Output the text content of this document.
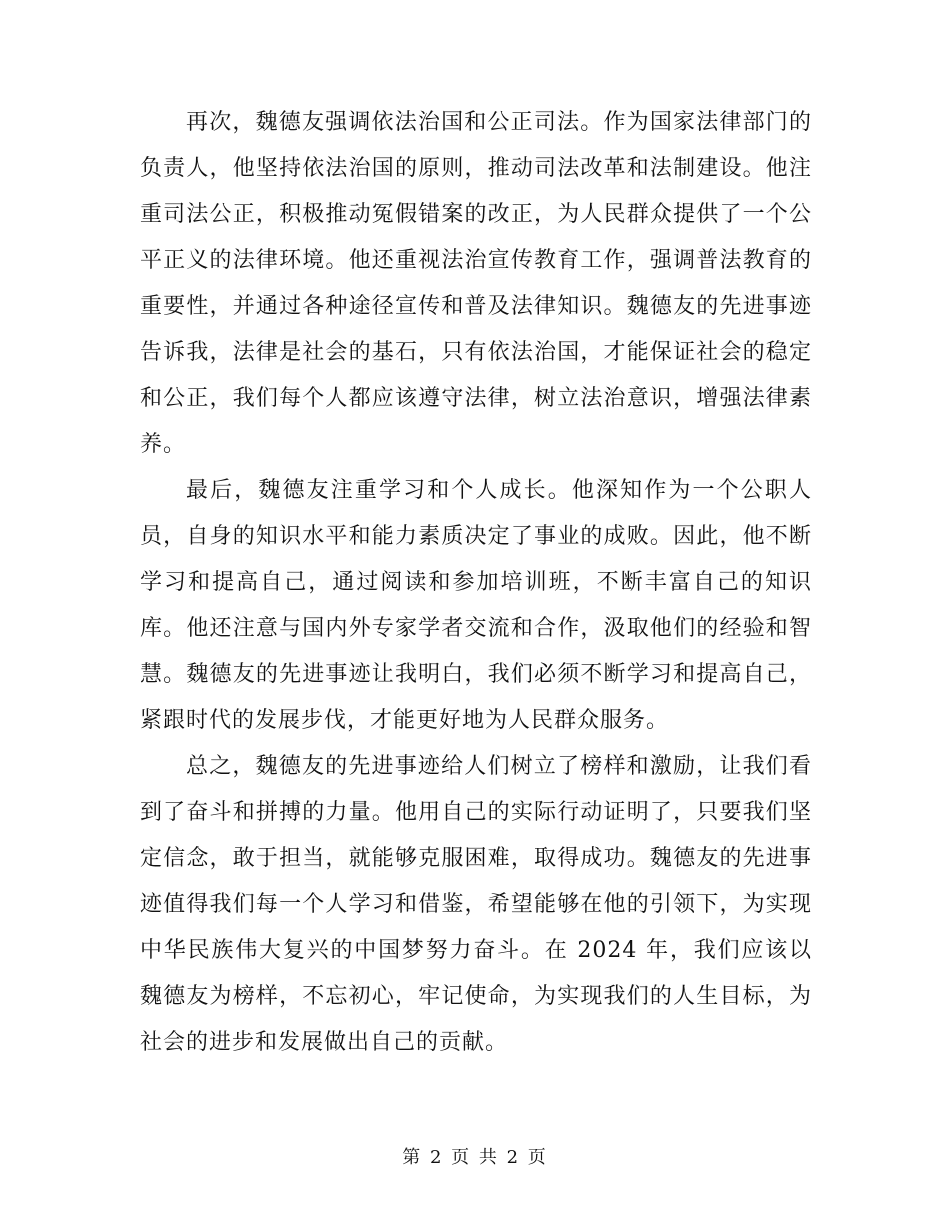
再次，魏德友强调依法治国和公正司法。作为国家法律部门的负责人，他坚持依法治国的原则，推动司法改革和法制建设。他注重司法公正，积极推动冤假错案的改正，为人民群众提供了一个公平正义的法律环境。他还重视法治宣传教育工作，强调普法教育的重要性，并通过各种途径宣传和普及法律知识。魏德友的先进事迹告诉我，法律是社会的基石，只有依法治国，才能保证社会的稳定和公正，我们每个人都应该遵守法律，树立法治意识，增强法律素养。

最后，魏德友注重学习和个人成长。他深知作为一个公职人员，自身的知识水平和能力素质决定了事业的成败。因此，他不断学习和提高自己，通过阅读和参加培训班，不断丰富自己的知识库。他还注意与国内外专家学者交流和合作，汲取他们的经验和智慧。魏德友的先进事迹让我明白，我们必须不断学习和提高自己，紧跟时代的发展步伐，才能更好地为人民群众服务。

总之，魏德友的先进事迹给人们树立了榜样和激励，让我们看到了奋斗和拼搏的力量。他用自己的实际行动证明了，只要我们坚定信念，敢于担当，就能够克服困难，取得成功。魏德友的先进事迹值得我们每一个人学习和借鉴，希望能够在他的引领下，为实现中华民族伟大复兴的中国梦努力奋斗。在 2024 年，我们应该以魏德友为榜样，不忘初心，牢记使命，为实现我们的人生目标，为社会的进步和发展做出自己的贡献。

第 2 页 共 2 页
